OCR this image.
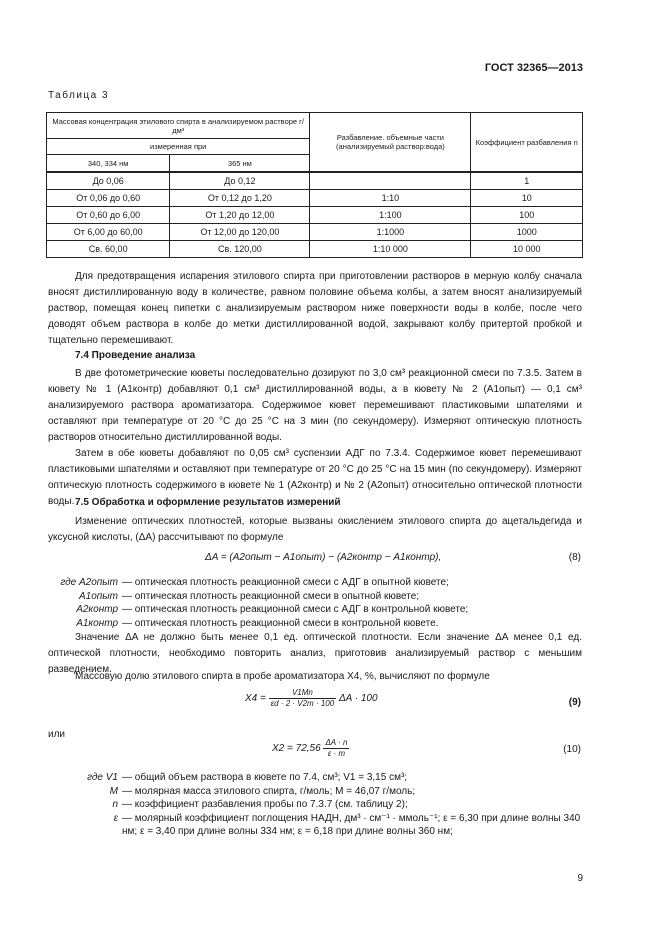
ГОСТ 32365—2013
Таблица 3
Массовая концентрация этилового спирта в анализируемом растворе г/дм³		Разбавление. объемные части (анализируемый раствор:вода)	Коэффициент разбавления n
измеренная при			
340, 334 нм	365 нм		
До 0,06	До 0,12		1
От 0,06 до 0,60	От 0,12 до 1,20	1:10	10
От 0,60 до 6,00	От 1,20 до 12,00	1:100	100
От 6,00 до 60,00	От 12,00 до 120,00	1:1000	1000
Св. 60,00	Св. 120,00	1:10 000	10 000

Для предотвращения испарения этилового спирта при приготовлении растворов в мерную колбу сначала вносят дистиллированную воду в количестве, равном половине объема колбы, а затем вносят анализируемый раствор, помещая конец пипетки с анализируемым раствором ниже поверхности воды в колбе, после чего доводят объем раствора в колбе до метки дистиллированной водой, закрывают колбу притертой пробкой и тщательно перемешивают.

7.4 Проведение анализа

В две фотометрические кюветы последовательно дозируют по 3,0 см³ реакционной смеси по 7.3.5. Затем в кювету № 1 (A1контр) добавляют 0,1 см³ дистиллированной воды, а в кювету № 2 (A1опыт) — 0,1 см³ анализируемого раствора ароматизатора. Содержимое кювет перемешивают пластиковыми шпателями и оставляют при температуре от 20 °С до 25 °С на 3 мин (по секундомеру). Измеряют оптическую плотность растворов относительно дистиллированной воды.

Затем в обе кюветы добавляют по 0,05 см³ суспензии АДГ по 7.3.4. Содержимое кювет перемешивают пластиковыми шпателями и оставляют при температуре от 20 °С до 25 °С на 15 мин (по секундомеру). Измеряют оптическую плотность содержимого в кювете № 1 (A2контр) и № 2 (A2опыт) относительно оптической плотности воды. 7.5 Обработка и оформление результатов измерений

Изменение оптических плотностей, которые вызваны окислением этилового спирта до ацетальдегида и уксусной кислоты, (ΔA) рассчитывают по формуле

ΔA = (A2опыт − A1опыт) − (A2контр − A1контр),	(8)
где A2опыт — оптическая плотность реакционной смеси с АДГ в опытной кювете;
A1опыт — оптическая плотность реакционной смеси в опытной кювете;
A2контр — оптическая плотность реакционной смеси с АДГ в контрольной кювете;
A1контр — оптическая плотность реакционной смеси в контрольной кювете.

Значение ΔA не должно быть менее 0,1 ед. оптической плотности. Если значение ΔA менее 0,1 ед. оптической плотности, необходимо повторить анализ, приготовив анализируемый раствор с меньшим разведением.

Массовую долю этилового спирта в пробе ароматизатора X4, %, вычисляют по формуле

$X4 = \frac{V1Mn}{\varepsilon d \cdot 2 \cdot V2m \cdot 100}$ ΔA · 100	(9)
или
$X2 = 72,56 \frac{\Delta A \cdot n}{\varepsilon \cdot m}$	(10)
где V1 — общий объем раствора в кювете по 7.4, см³; V1 = 3,15 см³;
M — молярная масса этилового спирта, г/моль; M = 46,07 г/моль;
n — коэффициент разбавления пробы по 7.3.7 (см. таблицу 2);
ε — молярный коэффициент поглощения НАДН, дм³ · см⁻¹ · ммоль⁻¹; ε = 6,30 при длине волны 340 нм; ε = 3,40 при длине волны 334 нм; ε = 6,18 при длине волны 360 нм;
9
